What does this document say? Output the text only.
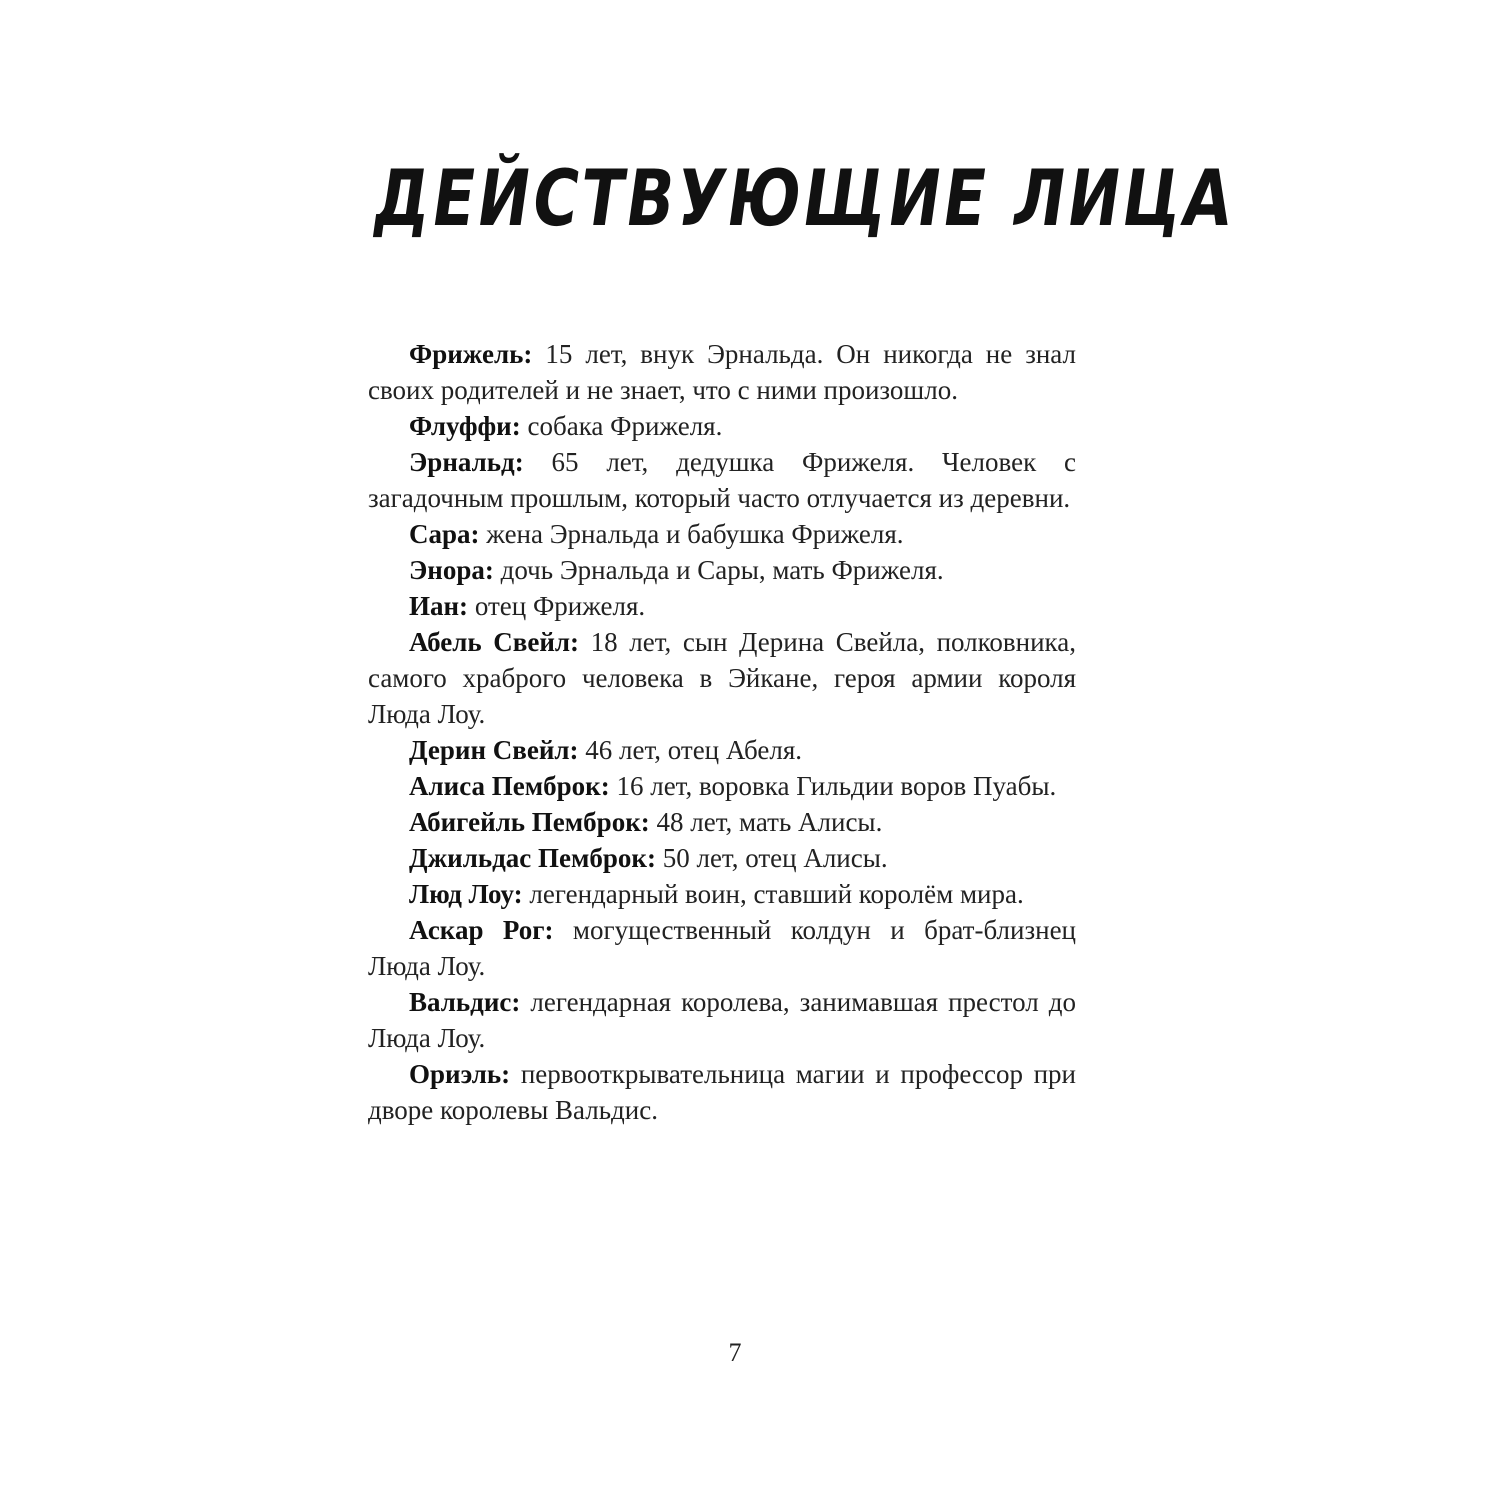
ДЕЙСТВУЮЩИЕ ЛИЦА

Фрижель: 15 лет, внук Эрнальда. Он никогда не знал своих родителей и не знает, что с ними произошло.

Флуффи: собака Фрижеля.

Эрнальд: 65 лет, дедушка Фрижеля. Человек с загадочным прошлым, который часто отлучается из деревни.

Сара: жена Эрнальда и бабушка Фрижеля.

Энора: дочь Эрнальда и Сары, мать Фрижеля.

Иан: отец Фрижеля.

Абель Свейл: 18 лет, сын Дерина Свейла, полковника, самого храброго человека в Эйкане, героя армии короля Люда Лоу.

Дерин Свейл: 46 лет, отец Абеля.

Алиса Пемброк: 16 лет, воровка Гильдии воров Пуабы.

Абигейль Пемброк: 48 лет, мать Алисы.

Джильдас Пемброк: 50 лет, отец Алисы.

Люд Лоу: легендарный воин, ставший королём мира.

Аскар Рог: могущественный колдун и брат-близнец Люда Лоу.

Вальдис: легендарная королева, занимавшая престол до Люда Лоу.

Ориэль: первооткрывательница магии и профессор при дворе королевы Вальдис.

7
